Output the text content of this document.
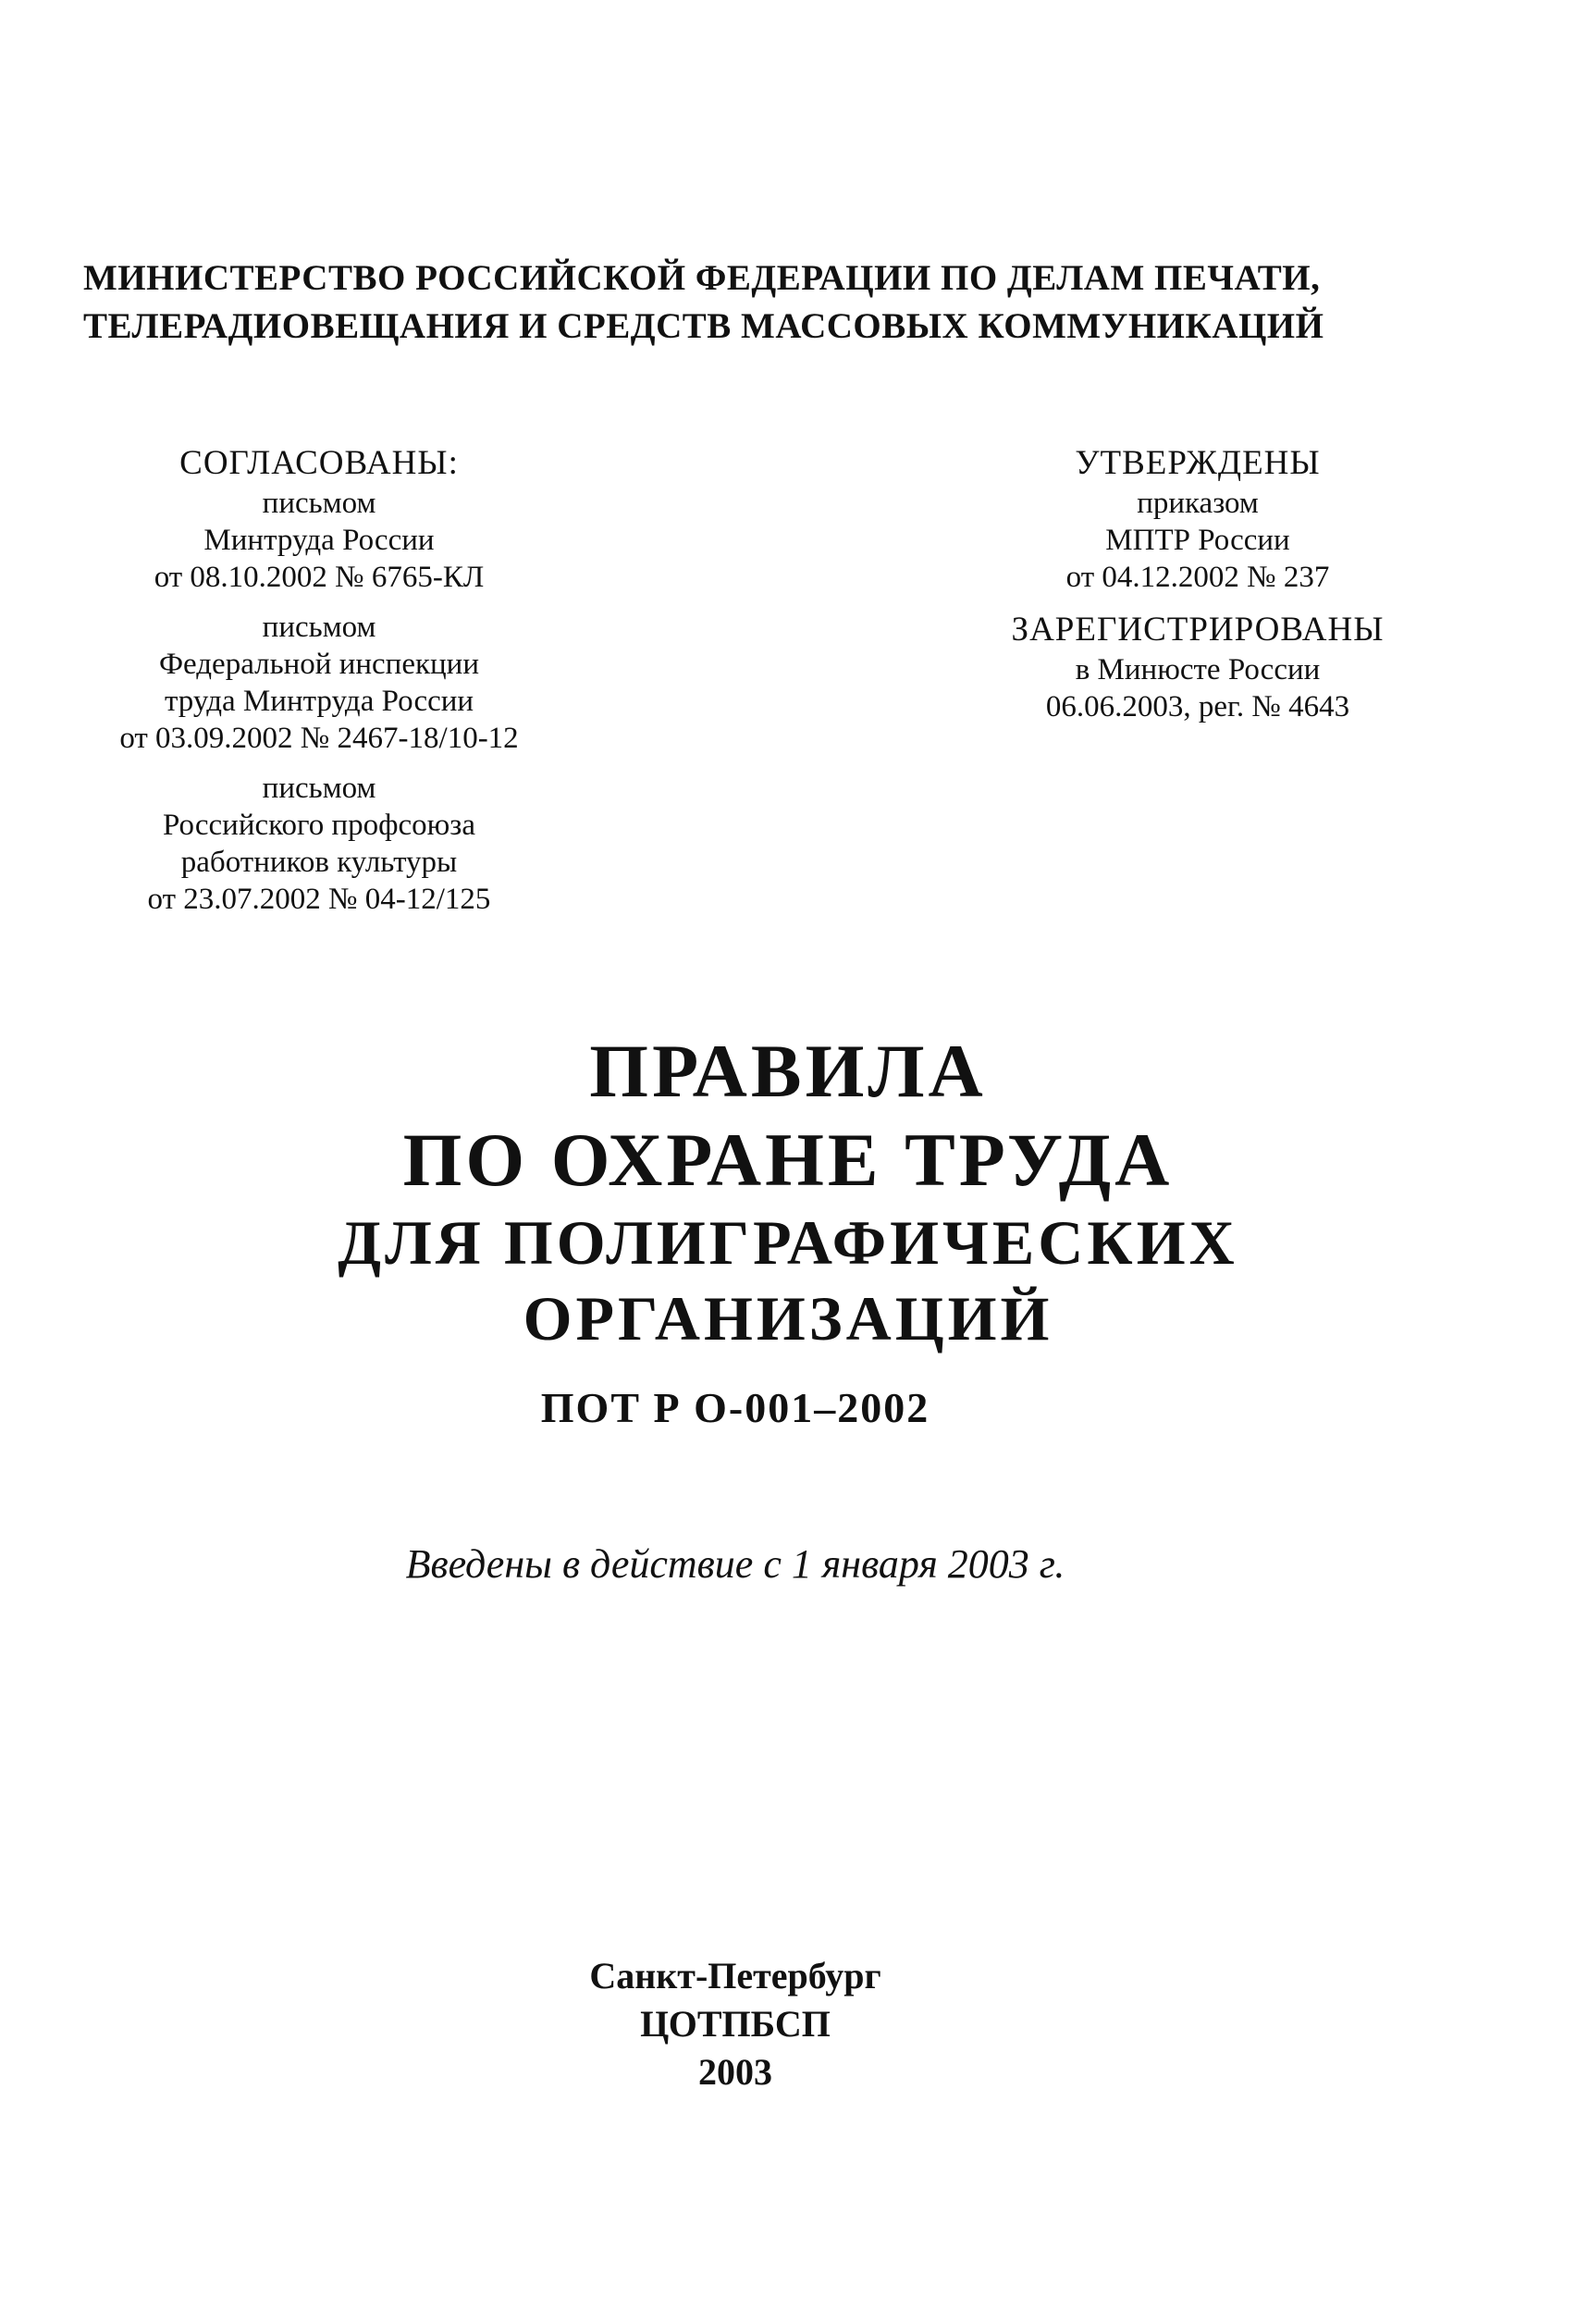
МИНИСТЕРСТВО РОССИЙСКОЙ ФЕДЕРАЦИИ ПО ДЕЛАМ ПЕЧАТИ,
ТЕЛЕРАДИОВЕЩАНИЯ И СРЕДСТВ МАССОВЫХ КОММУНИКАЦИЙ
СОГЛАСОВАНЫ:
письмом
Минтруда России
от 08.10.2002 № 6765-КЛ
письмом
Федеральной инспекции
труда Минтруда России
от 03.09.2002 № 2467-18/10-12
письмом
Российского профсоюза
работников культуры
от 23.07.2002 № 04-12/125
УТВЕРЖДЕНЫ
приказом
МПТР России
от 04.12.2002 № 237
ЗАРЕГИСТРИРОВАНЫ
в Минюсте России
06.06.2003, рег. № 4643
ПРАВИЛА
ПО ОХРАНЕ ТРУДА
ДЛЯ ПОЛИГРАФИЧЕСКИХ
ОРГАНИЗАЦИЙ
ПОТ Р О-001–2002
Введены в действие с 1 января 2003 г.
Санкт-Петербург
ЦОТПБСП
2003
